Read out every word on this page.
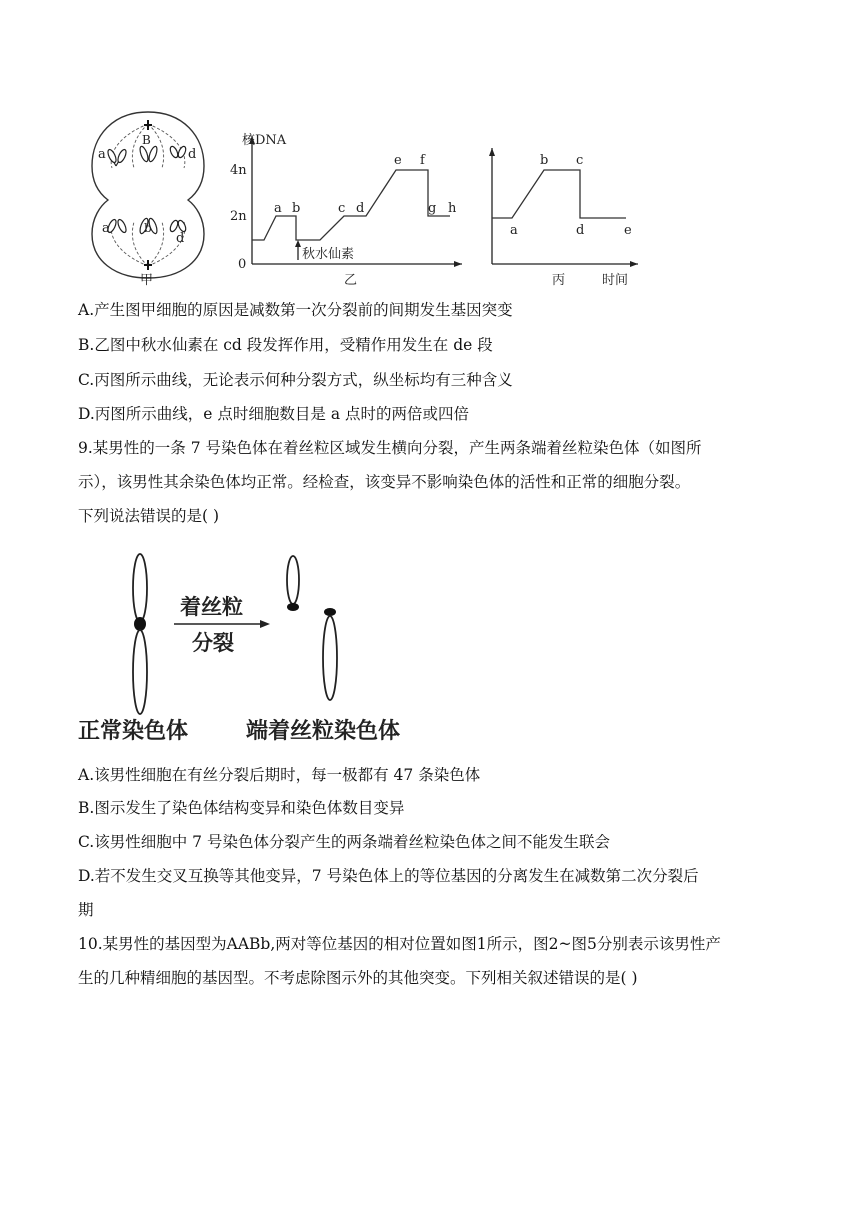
a
B
d
a	b
d
甲
核DNA
4n
2n
0
a b	c d
e f
g h
秋水仙素
乙
a
b c
d	e
丙	时间
A.产生图甲细胞的原因是减数第一次分裂前的间期发生基因突变
B.乙图中秋水仙素在 cd 段发挥作用，受精作用发生在 de 段
C.丙图所示曲线，无论表示何种分裂方式，纵坐标均有三种含义
D.丙图所示曲线，e 点时细胞数目是 a 点时的两倍或四倍
9.某男性的一条 7 号染色体在着丝粒区域发生横向分裂，产生两条端着丝粒染色体（如图所
示），该男性其余染色体均正常。经检查，该变异不影响染色体的活性和正常的细胞分裂。
下列说法错误的是( )
着丝粒
分裂
正常染色体	端着丝粒染色体
A.该男性细胞在有丝分裂后期时，每一极都有 47 条染色体
B.图示发生了染色体结构变异和染色体数目变异
C.该男性细胞中 7 号染色体分裂产生的两条端着丝粒染色体之间不能发生联会
D.若不发生交叉互换等其他变异，7 号染色体上的等位基因的分离发生在减数第二次分裂后
期
10.某男性的基因型为AABb,两对等位基因的相对位置如图1所示，图2~图5分别表示该男性产
生的几种精细胞的基因型。不考虑除图示外的其他突变。下列相关叙述错误的是( )
